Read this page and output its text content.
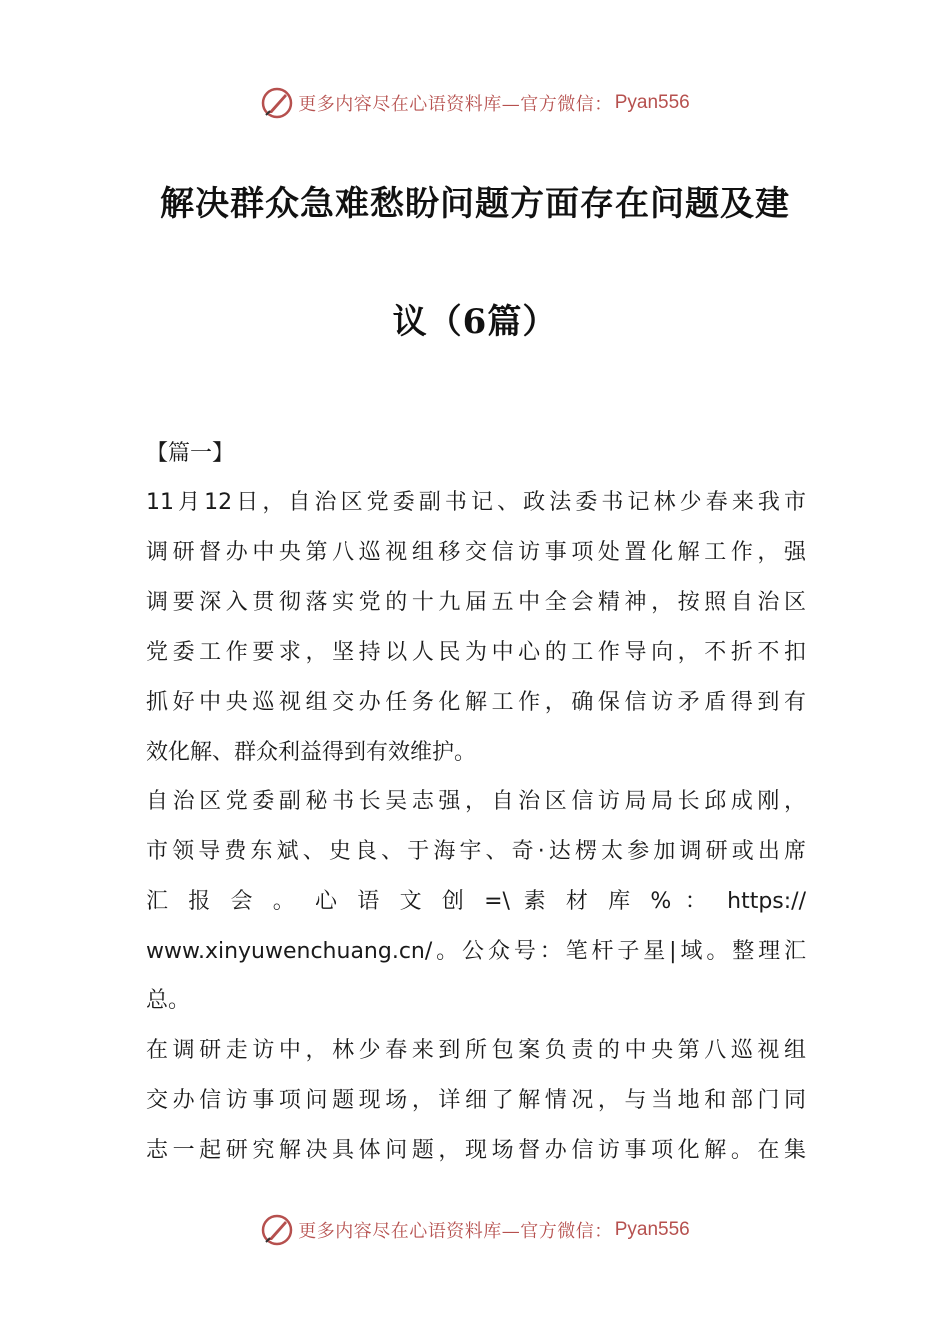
更多内容尽在心语资料库—官方微信： Pyan556
解决群众急难愁盼问题方面存在问题及建
议（6篇）
【篇一】
11月12日，自治区党委副书记、政法委书记林少春来我市
调研督办中央第八巡视组移交信访事项处置化解工作，强
调要深入贯彻落实党的十九届五中全会精神，按照自治区
党委工作要求，坚持以人民为中心的工作导向，不折不扣
抓好中央巡视组交办任务化解工作，确保信访矛盾得到有
效化解、群众利益得到有效维护。
自治区党委副秘书长吴志强，自治区信访局局长邱成刚，
市领导费东斌、史良、于海宇、奇·达楞太参加调研或出席
汇 报 会 。 心 语 文 创 =\ 素 材 库 % ： https://
www.xinyuwenchuang.cn/。公众号：笔杆子星|域。整理汇
总。
在调研走访中，林少春来到所包案负责的中央第八巡视组
交办信访事项问题现场，详细了解情况，与当地和部门同
志一起研究解决具体问题，现场督办信访事项化解。在集
更多内容尽在心语资料库—官方微信： Pyan556
